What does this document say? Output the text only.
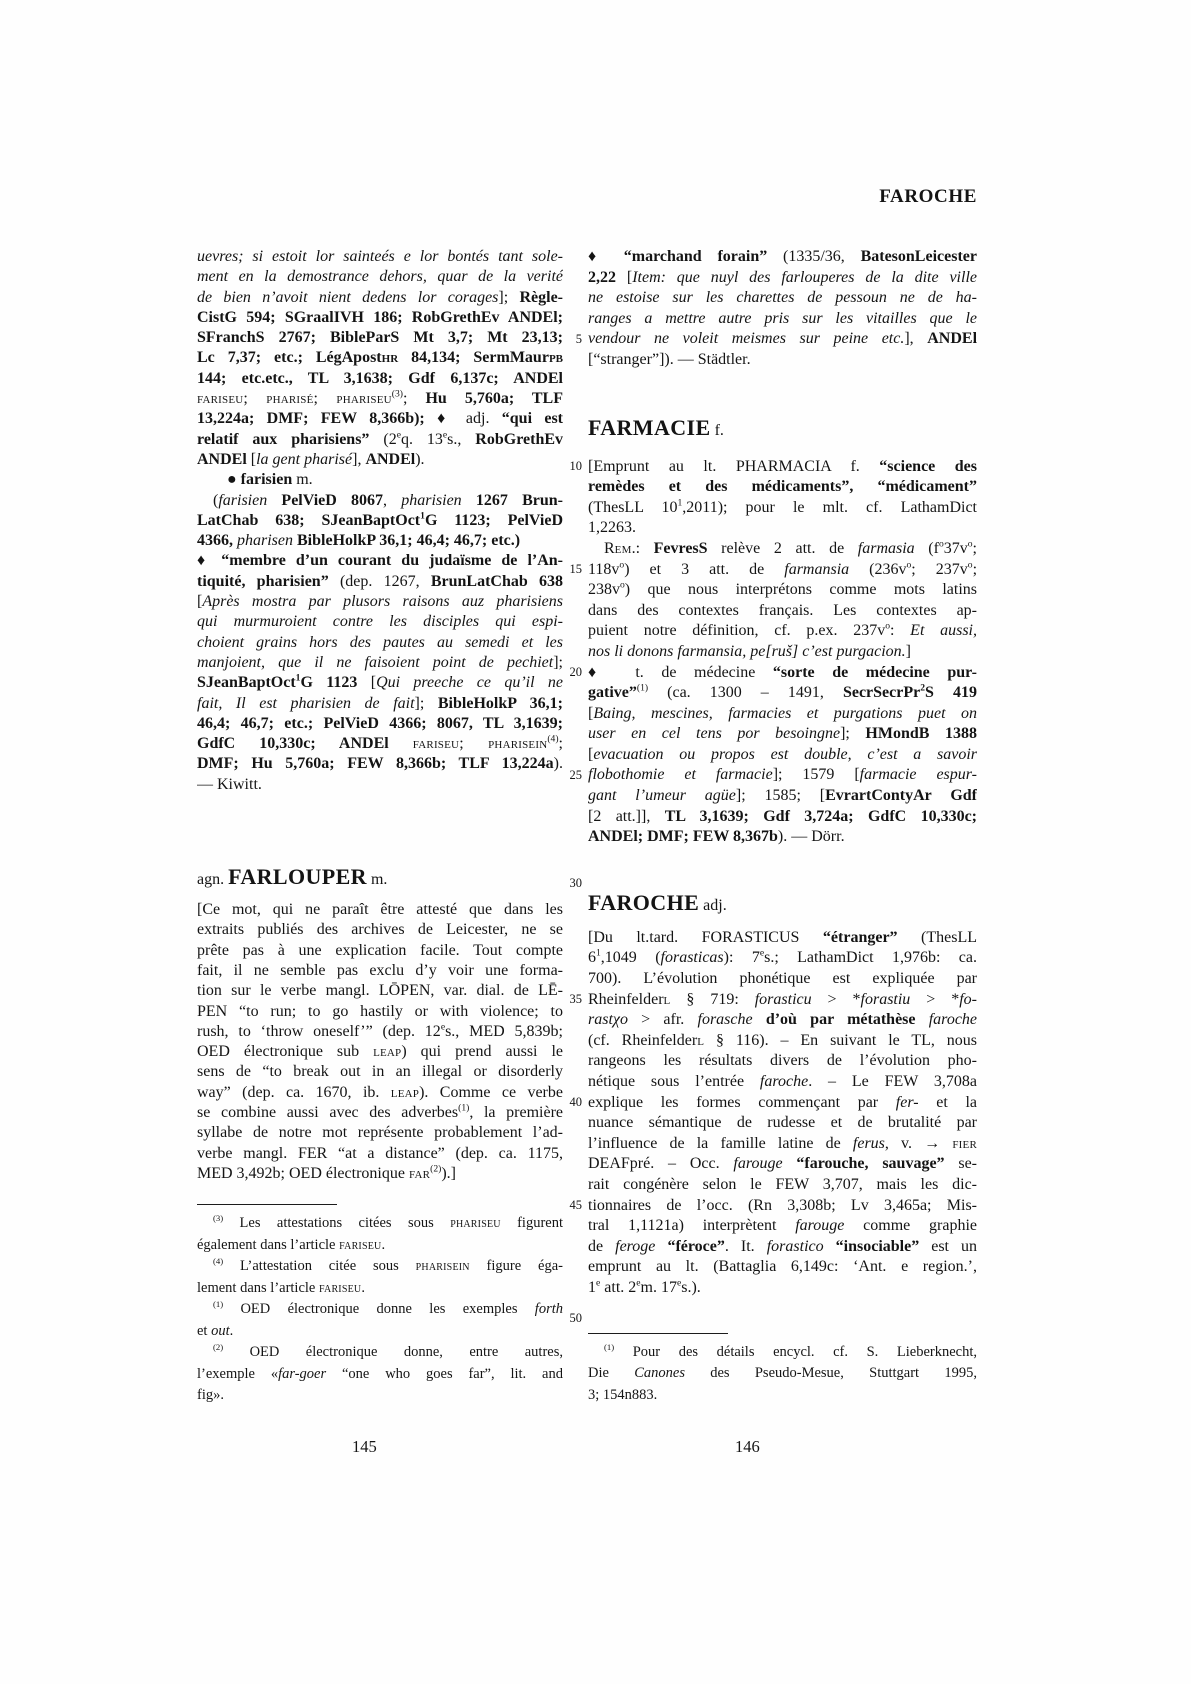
FAROCHE
5
10
15
20
25
30
35
40
45
50
uevres; si estoit lor sainteés e lor bontés tant sole-
ment en la demostrance dehors, quar de la verité
de bien n’avoit nient dedens lor corages]; Règle-
CistG 594; SGraalIVH 186; RobGrethEv ANDEl;
SFranchS 2767; BibleParS Mt 3,7; Mt 23,13;
Lc 7,37; etc.; LégAposthr 84,134; SermMaurpb
144; etc.etc., TL 3,1638; Gdf 6,137c; ANDEl
fariseu; pharisé; phariseu$^{(3)}$; Hu 5,760a; TLF
13,224a; DMF; FEW 8,366b); ♦ adj. “qui est
relatif aux pharisiens” (2eq. 13es., RobGrethEv
ANDEl [la gent pharisé], ANDEl).
● farisien m.
(farisien PelVieD 8067, pharisien 1267 Brun-
LatChab 638; SJeanBaptOct$^1$G 1123; PelVieD
4366, pharisen BibleHolkP 36,1; 46,4; 46,7; etc.)
♦ “membre d’un courant du judaïsme de l’An-
tiquité, pharisien” (dep. 1267, BrunLatChab 638
[Après mostra par plusors raisons auz pharisiens
qui murmuroient contre les disciples qui espi-
choient grains hors des pautes au semedi et les
manjoient, que il ne faisoient point de pechiet];
SJeanBaptOct$^1$G 1123 [Qui preeche ce qu’il ne
fait, Il est pharisien de fait]; BibleHolkP 36,1;
46,4; 46,7; etc.; PelVieD 4366; 8067, TL 3,1639;
GdfC 10,330c; ANDEl fariseu; pharisein$^{(4)}$;
DMF; Hu 5,760a; FEW 8,366b; TLF 13,224a).
— Kiwitt.
agn. FARLOUPER m.
[Ce mot, qui ne paraît être attesté que dans les
extraits publiés des archives de Leicester, ne se
prête pas à une explication facile. Tout compte
fait, il ne semble pas exclu d’y voir une forma-
tion sur le verbe mangl. LŌPEN, var. dial. de LĒ-
PEN “to run; to go hastily or with violence; to
rush, to ‘throw oneself’” (dep. 12es., MED 5,839b;
OED électronique sub leap) qui prend aussi le
sens de “to break out in an illegal or disorderly
way” (dep. ca. 1670, ib. leap). Comme ce verbe
se combine aussi avec des adverbes$^{(1)}$, la première
syllabe de notre mot représente probablement l’ad-
verbe mangl. FER “at a distance” (dep. ca. 1175,
MED 3,492b; OED électronique far$^{(2)}$).]
$^{(3)}$ Les attestations citées sous phariseu figurent
également dans l’article fariseu.
$^{(4)}$ L’attestation citée sous pharisein figure éga-
lement dans l’article fariseu.
$^{(1)}$ OED électronique donne les exemples forth
et out.
$^{(2)}$ OED électronique donne, entre autres,
l’exemple «far-goer “one who goes far”, lit. and
fig».
♦ “marchand forain” (1335/36, BatesonLeicester
2,22 [Item: que nuyl des farlouperes de la dite ville
ne estoise sur les charettes de pessoun ne de ha-
ranges a mettre autre pris sur les vitailles que le
vendour ne voleit meismes sur peine etc.], ANDEl
[“stranger”]). — Städtler.
FARMACIE f.
[Emprunt au lt. PHARMACIA f. “science des
remèdes et des médicaments”, “médicament”
(ThesLL $10^1,2011$); pour le mlt. cf. LathamDict
1,2263.
Rem.: FevresS relève 2 att. de farmasia ($f^o37v^o$;
$118v^o$) et 3 att. de farmansia ($236v^o$; $237v^o$;
$238v^o$) que nous interprétons comme mots latins
dans des contextes français. Les contextes ap-
puient notre définition, cf. p.ex. $237v^o$: Et aussi,
nos li donons farmansia, pe[ruš] c’est purgacion.]
♦  t. de médecine “sorte de médecine pur-
gative”$^{(1)}$ (ca. 1300 – 1491, SecrSecrPr$^2$S 419
[Baing, mescines, farmacies et purgations puet on
user en cel tens por besoingne]; HMondB 1388
[evacuation ou propos est double, c’est a savoir
flobothomie et farmacie]; 1579 [farmacie espur-
gant l’umeur agüe]; 1585; [EvrartContyAr Gdf
[2 att.]], TL 3,1639; Gdf 3,724a; GdfC 10,330c;
ANDEl; DMF; FEW 8,367b). — Dörr.
FAROCHE adj.
[Du lt.tard. FORASTICUS “étranger” (ThesLL
$6^1,1049$ (forasticas): 7es.; LathamDict 1,976b: ca.
700). L’évolution phonétique est expliquée par
Rheinfelderl § 719: forasticu > *forastiu > *fo-
rastχo > afr. forasche d’où par métathèse faroche
(cf. Rheinfelderl § 116). – En suivant le TL, nous
rangeons les résultats divers de l’évolution pho-
nétique sous l’entrée faroche. – Le FEW 3,708a
explique les formes commençant par fer- et la
nuance sémantique de rudesse et de brutalité par
l’influence de la famille latine de ferus, v. → fier
DEAFpré. – Occ. farouge “farouche, sauvage” se-
rait congénère selon le FEW 3,707, mais les dic-
tionnaires de l’occ. (Rn 3,308b; Lv 3,465a; Mis-
tral 1,1121a) interprètent farouge comme graphie
de feroge “féroce”. It. forastico “insociable” est un
emprunt au lt. (Battaglia 6,149c: ‘Ant. e region.’,
1e att. 2em. 17es.).
$^{(1)}$ Pour des détails encycl. cf. S. Lieberknecht,
Die Canones des Pseudo-Mesue, Stuttgart 1995,
3; 154n883.
145	146
